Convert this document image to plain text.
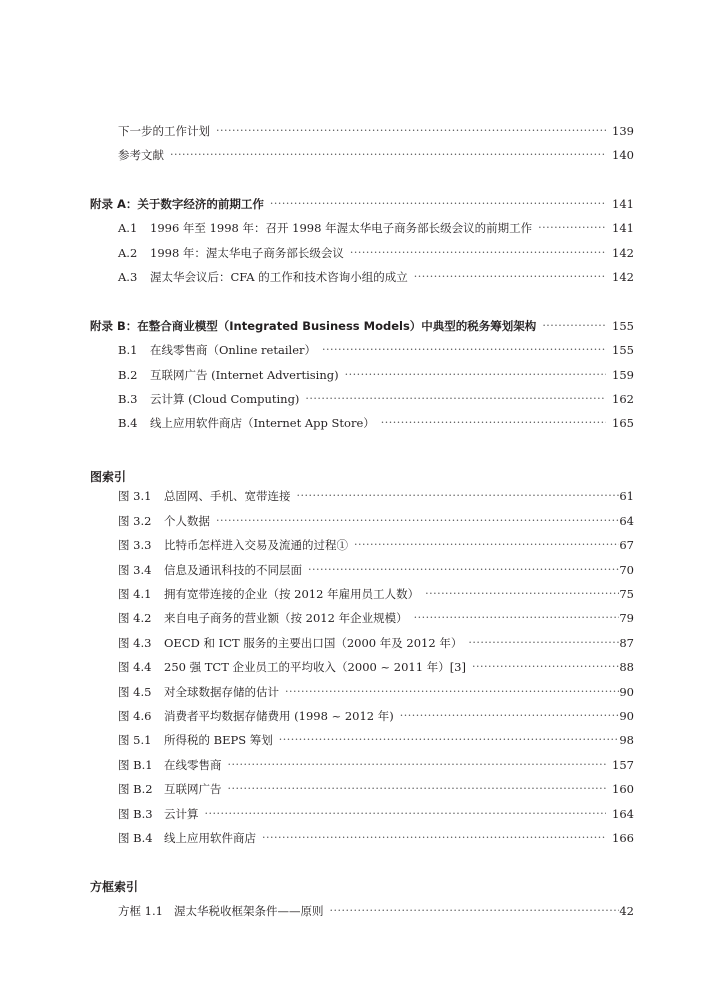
下一步的工作计划 ·····	139
参考文献 ·····	140
附录 A：关于数字经济的前期工作 ·····	141
A.1	1996 年至 1998 年：召开 1998 年渥太华电子商务部长级会议的前期工作 ·····	141
A.2	1998 年：渥太华电子商务部长级会议 ·····	142
A.3	渥太华会议后：CFA 的工作和技术咨询小组的成立 ·····	142
附录 B：在整合商业模型（Integrated Business Models）中典型的税务筹划架构 ·····	155
B.1	在线零售商（Online retailer） ·····	155
B.2	互联网广告 (Internet Advertising) ·····	159
B.3	云计算 (Cloud Computing) ·····	162
B.4	线上应用软件商店（Internet App Store） ·····	165
图索引
图 3.1	总固网、手机、宽带连接 ·····	61
图 3.2	个人数据 ·····	64
图 3.3	比特币怎样进入交易及流通的过程① ·····	67
图 3.4	信息及通讯科技的不同层面 ·····	70
图 4.1	拥有宽带连接的企业（按 2012 年雇用员工人数） ·····	75
图 4.2	来自电子商务的营业额（按 2012 年企业规模） ·····	79
图 4.3	OECD 和 ICT 服务的主要出口国（2000 年及 2012 年） ·····	87
图 4.4	250 强 TCT 企业员工的平均收入（2000 ~ 2011 年）[3] ·····	88
图 4.5	对全球数据存储的估计 ·····	90
图 4.6	消费者平均数据存储费用 (1998 ~ 2012 年) ·····	90
图 5.1	所得税的 BEPS 筹划 ·····	98
图 B.1 在线零售商 ·····	157
图 B.2 互联网广告 ·····	160
图 B.3 云计算 ·····	164
图 B.4 线上应用软件商店 ·····	166
方框索引
方框 1.1 渥太华税收框架条件——原则 ·····	42
